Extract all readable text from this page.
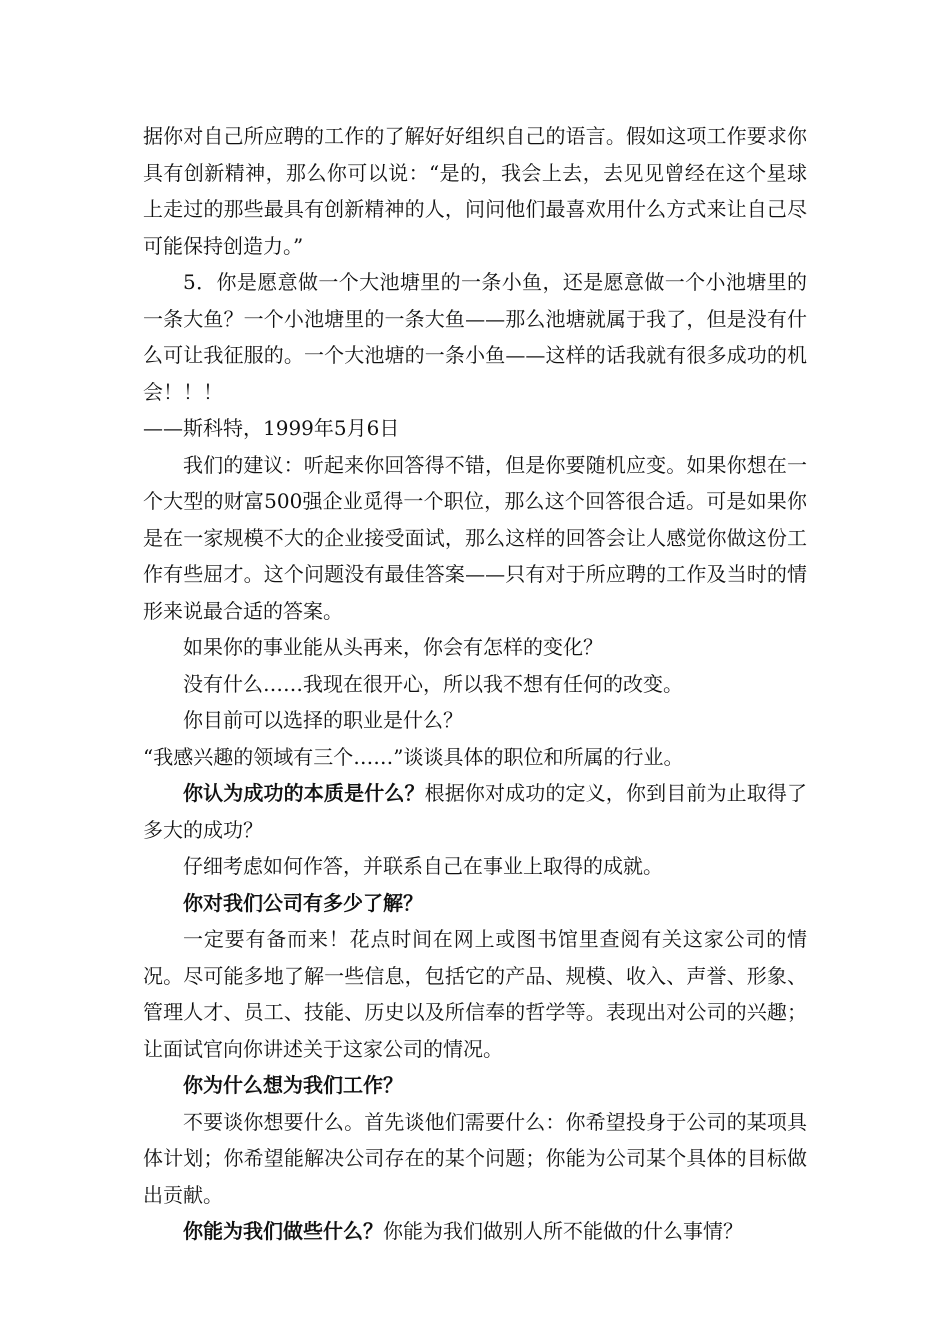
据你对自己所应聘的工作的了解好好组织自己的语言。假如这项工作要求你具有创新精神，那么你可以说：“是的，我会上去，去见见曾经在这个星球上走过的那些最具有创新精神的人，问问他们最喜欢用什么方式来让自己尽可能保持创造力。”

5．你是愿意做一个大池塘里的一条小鱼，还是愿意做一个小池塘里的一条大鱼？一个小池塘里的一条大鱼——那么池塘就属于我了，但是没有什么可让我征服的。一个大池塘的一条小鱼——这样的话我就有很多成功的机会！！！

——斯科特，1999年5月6日

我们的建议：听起来你回答得不错，但是你要随机应变。如果你想在一个大型的财富500强企业觅得一个职位，那么这个回答很合适。可是如果你是在一家规模不大的企业接受面试，那么这样的回答会让人感觉你做这份工作有些屈才。这个问题没有最佳答案——只有对于所应聘的工作及当时的情形来说最合适的答案。

如果你的事业能从头再来，你会有怎样的变化？

没有什么……我现在很开心，所以我不想有任何的改变。

你目前可以选择的职业是什么？

“我感兴趣的领域有三个……”谈谈具体的职位和所属的行业。

你认为成功的本质是什么？根据你对成功的定义，你到目前为止取得了多大的成功？

仔细考虑如何作答，并联系自己在事业上取得的成就。

你对我们公司有多少了解？

一定要有备而来！花点时间在网上或图书馆里查阅有关这家公司的情况。尽可能多地了解一些信息，包括它的产品、规模、收入、声誉、形象、管理人才、员工、技能、历史以及所信奉的哲学等。表现出对公司的兴趣；让面试官向你讲述关于这家公司的情况。

你为什么想为我们工作？

不要谈你想要什么。首先谈他们需要什么：你希望投身于公司的某项具体计划；你希望能解决公司存在的某个问题；你能为公司某个具体的目标做出贡献。

你能为我们做些什么？你能为我们做别人所不能做的什么事情？
